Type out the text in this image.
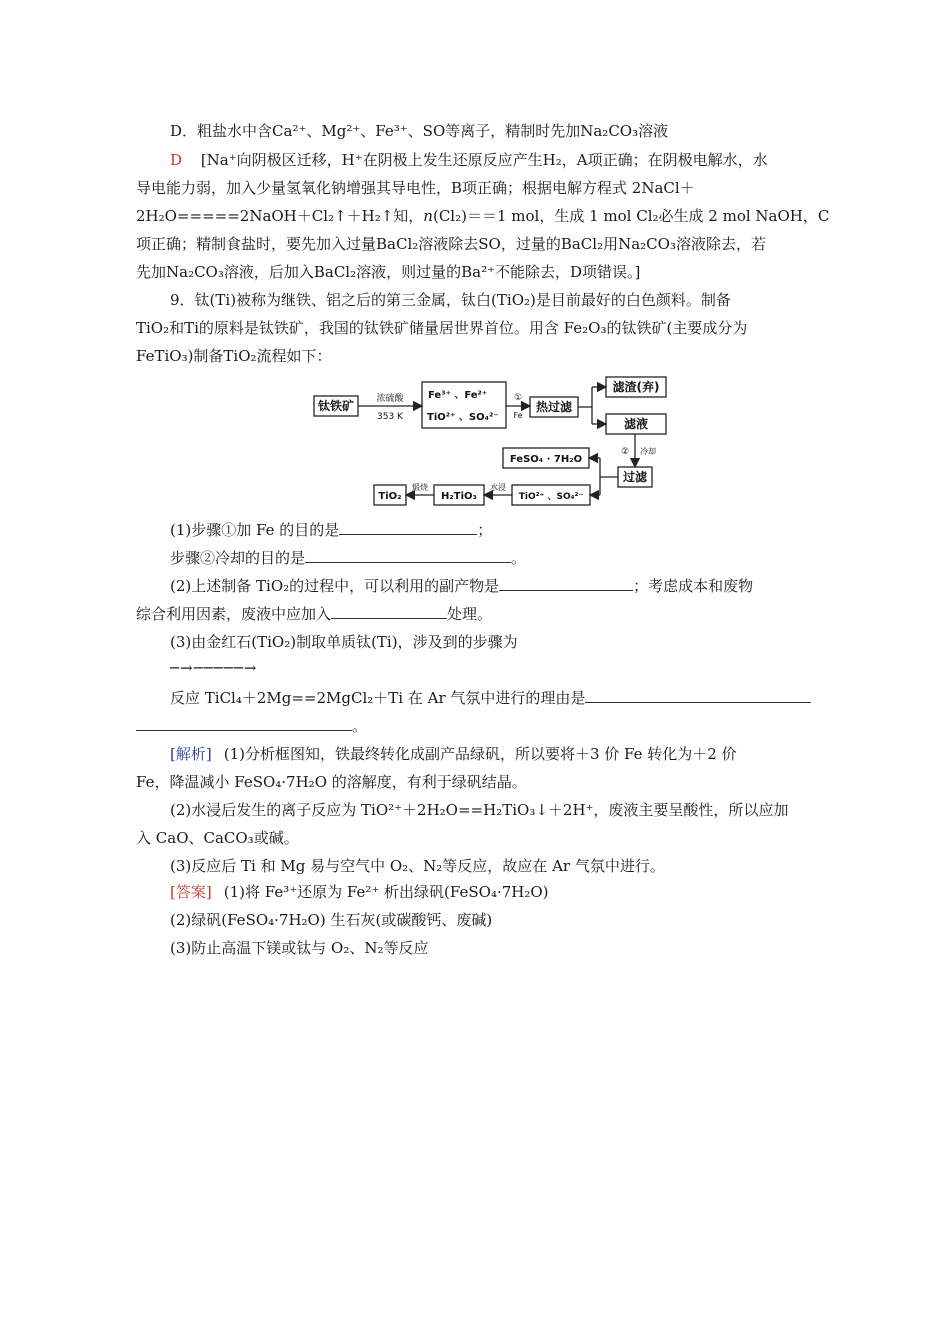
D．粗盐水中含Ca²⁺、Mg²⁺、Fe³⁺、SO等离子，精制时先加Na₂CO₃溶液
D [Na⁺向阴极区迁移，H⁺在阴极上发生还原反应产生H₂，A项正确；在阴极电解水，水
导电能力弱，加入少量氢氧化钠增强其导电性，B项正确；根据电解方程式 2NaCl＋
2H₂O=====2NaOH＋Cl₂↑＋H₂↑知，n(Cl₂)＝＝1 mol，生成 1 mol Cl₂必生成 2 mol NaOH，C
项正确；精制食盐时，要先加入过量BaCl₂溶液除去SO，过量的BaCl₂用Na₂CO₃溶液除去，若
先加Na₂CO₃溶液，后加入BaCl₂溶液，则过量的Ba²⁺不能除去，D项错误。]
9．钛(Ti)被称为继铁、铝之后的第三金属，钛白(TiO₂)是目前最好的白色颜料。制备
TiO₂和Ti的原料是钛铁矿，我国的钛铁矿储量居世界首位。用含 Fe₂O₃的钛铁矿(主要成分为
FeTiO₃)制备TiO₂流程如下：
钛铁矿 浓硫酸
353 K
Fe³⁺ 、Fe²⁺
TiO²⁺ 、SO₄²⁻
①
Fe
热过滤
滤渣(弃)
滤液
② 冷却
过滤
FeSO₄ · 7H₂O
TiO²⁺ 、SO₄²⁻
水浸
H₂TiO₃
煅烧
TiO₂
(1)步骤①加 Fe 的目的是	；
步骤②冷却的目的是	。
(2)上述制备 TiO₂的过程中，可以利用的副产物是	；考虑成本和废物
综合利用因素，废液中应加入	处理。
(3)由金红石(TiO₂)制取单质钛(Ti)，涉及到的步骤为
─→─────→
反应 TiCl₄＋2Mg==2MgCl₂＋Ti 在 Ar 气氛中进行的理由是
。
[解析] (1)分析框图知，铁最终转化成副产品绿矾，所以要将＋3 价 Fe 转化为＋2 价
Fe，降温减小 FeSO₄·7H₂O 的溶解度，有利于绿矾结晶。
(2)水浸后发生的离子反应为 TiO²⁺＋2H₂O==H₂TiO₃↓＋2H⁺，废液主要呈酸性，所以应加
入 CaO、CaCO₃或碱。
(3)反应后 Ti 和 Mg 易与空气中 O₂、N₂等反应，故应在 Ar 气氛中进行。
[答案] (1)将 Fe³⁺还原为 Fe²⁺ 析出绿矾(FeSO₄·7H₂O)
(2)绿矾(FeSO₄·7H₂O) 生石灰(或碳酸钙、废碱)
(3)防止高温下镁或钛与 O₂、N₂等反应
